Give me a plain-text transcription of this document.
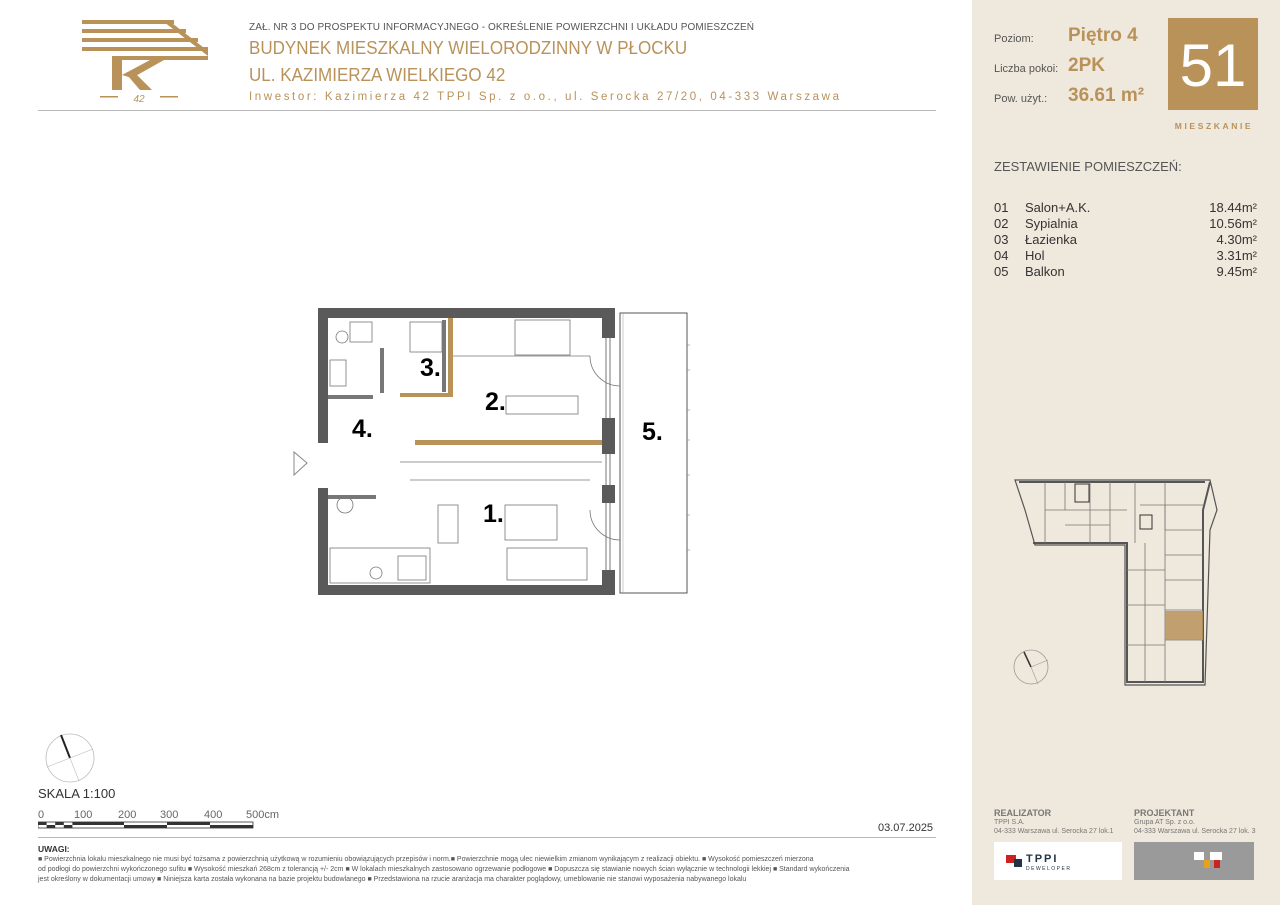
42
ZAŁ. NR 3 DO PROSPEKTU INFORMACYJNEGO - OKREŚLENIE POWIERZCHNI I UKŁADU POMIESZCZEŃ
BUDYNEK MIESZKALNY WIELORODZINNY W PŁOCKU
UL. KAZIMIERZA WIELKIEGO 42
Inwestor: Kazimierza 42 TPPI Sp. z o.o., ul. Serocka 27/20, 04-333 Warszawa
Poziom: Piętro 4
Liczba pokoi: 2PK
Pow. użyt.: 36.61 m² 51
MIESZKANIE
ZESTAWIENIE POMIESZCZEŃ:
01 Salon+A.K.	18.44m²
02 Sypialnia	10.56m²
03 Łazienka	4.30m²
04 Hol	3.31m²
05 Balkon	9.45m²
1.
2.
3.
4.	5.
SKALA 1:100
0	100 200 300 400 500cm
03.07.2025
UWAGI:
■ Powierzchnia lokalu mieszkalnego nie musi być tożsama z powierzchnią użytkową w rozumieniu obowiązujących przepisów i norm.■ Powierzchnie mogą ulec niewielkim zmianom wynikającym z realizacji obiektu. ■ Wysokość pomieszczeń mierzona
od podłogi do powierzchni wykończonego sufitu ■ Wysokość mieszkań 268cm z tolerancją +/- 2cm ■ W lokalach mieszkalnych zastosowano ogrzewanie podłogowe ■ Dopuszcza się stawianie nowych ścian wyłącznie w technologii lekkiej ■ Standard wykończenia
jest określony w dokumentacji umowy ■ Niniejsza karta została wykonana na bazie projektu budowlanego ■ Przedstawiona na rzucie aranżacja ma charakter poglądowy, umeblowanie nie stanowi wyposażenia nabywanego lokalu
REALIZATOR
TPPI S.A.
04-333 Warszawa ul. Serocka 27 lok.1
TPPI
DEWELOPER
PROJEKTANT
Grupa AT Sp. z o.o.
04-333 Warszawa ul. Serocka 27 lok. 3
